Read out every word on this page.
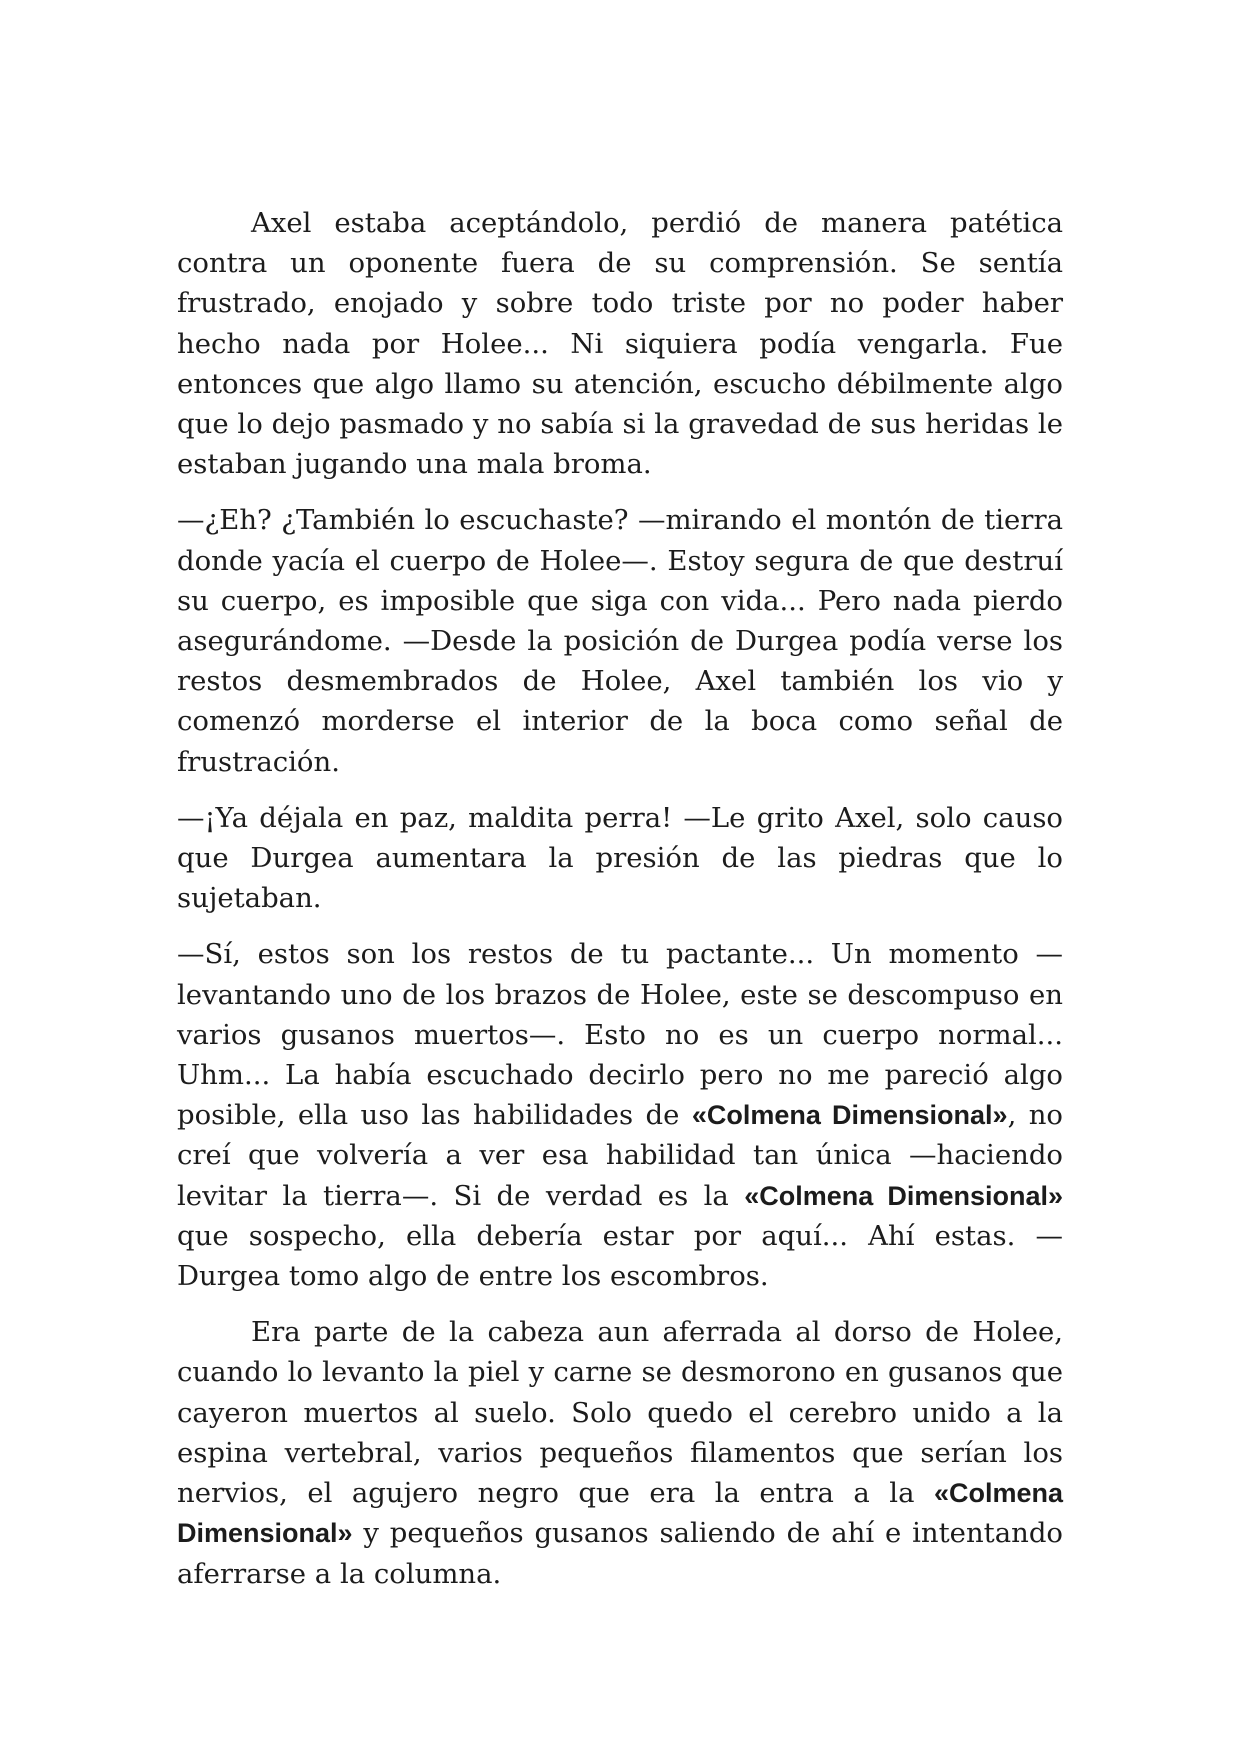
Axel estaba aceptándolo, perdió de manera patética contra un oponente fuera de su comprensión. Se sentía frustrado, enojado y sobre todo triste por no poder haber hecho nada por Holee... Ni siquiera podía vengarla. Fue entonces que algo llamo su atención, escucho débilmente algo que lo dejo pasmado y no sabía si la gravedad de sus heridas le estaban jugando una mala broma.

—¿Eh? ¿También lo escuchaste? —mirando el montón de tierra donde yacía el cuerpo de Holee—. Estoy segura de que destruí su cuerpo, es imposible que siga con vida... Pero nada pierdo asegurándome. —Desde la posición de Durgea podía verse los restos desmembrados de Holee, Axel también los vio y comenzó morderse el interior de la boca como señal de frustración.

—¡Ya déjala en paz, maldita perra! —Le grito Axel, solo causo que Durgea aumentara la presión de las piedras que lo sujetaban.

—Sí, estos son los restos de tu pactante... Un momento —levantando uno de los brazos de Holee, este se descompuso en varios gusanos muertos—. Esto no es un cuerpo normal... Uhm... La había escuchado decirlo pero no me pareció algo posible, ella uso las habilidades de «Colmena Dimensional», no creí que volvería a ver esa habilidad tan única —haciendo levitar la tierra—. Si de verdad es la «Colmena Dimensional» que sospecho, ella debería estar por aquí... Ahí estas. —Durgea tomo algo de entre los escombros.

Era parte de la cabeza aun aferrada al dorso de Holee, cuando lo levanto la piel y carne se desmorono en gusanos que cayeron muertos al suelo. Solo quedo el cerebro unido a la espina vertebral, varios pequeños filamentos que serían los nervios, el agujero negro que era la entra a la «Colmena Dimensional» y pequeños gusanos saliendo de ahí e intentando aferrarse a la columna.
